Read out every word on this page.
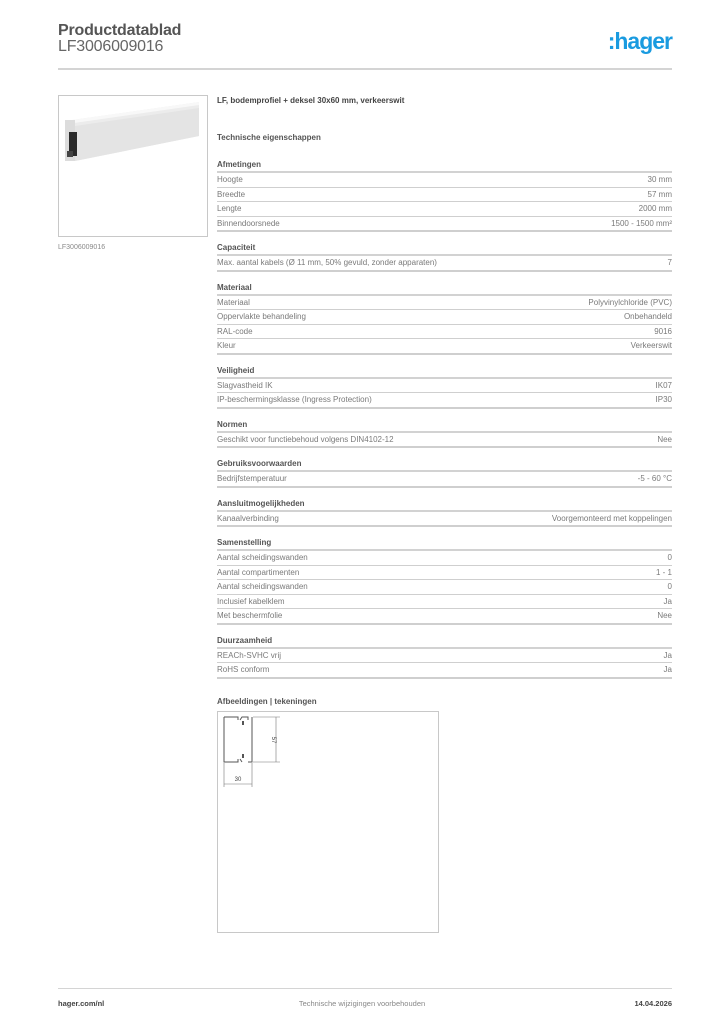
Productdatablad
LF3006009016	:hager
LF3006009016
LF, bodemprofiel + deksel 30x60 mm, verkeerswit
Technische eigenschappen
Afmetingen
Hoogte	30 mm
Breedte	57 mm
Lengte	2000 mm
Binnendoorsnede	1500 - 1500 mm²
Capaciteit
Max. aantal kabels (Ø 11 mm, 50% gevuld, zonder apparaten)	7
Materiaal
Materiaal	Polyvinylchloride (PVC)
Oppervlakte behandeling	Onbehandeld
RAL-code	9016
Kleur	Verkeerswit
Veiligheid
Slagvastheid IK	IK07
IP-beschermingsklasse (Ingress Protection)	IP30
Normen
Geschikt voor functiebehoud volgens DIN4102-12	Nee
Gebruiksvoorwaarden
Bedrijfstemperatuur	-5 - 60 °C
Aansluitmogelijkheden
Kanaalverbinding	Voorgemonteerd met koppelingen
Samenstelling
Aantal scheidingswanden	0
Aantal compartimenten	1 - 1
Aantal scheidingswanden	0
Inclusief kabelklem	Ja
Met beschermfolie	Nee
Duurzaamheid
REACh-SVHC vrij	Ja
RoHS conform	Ja
Afbeeldingen | tekeningen
57
30
hager.com/nl	Technische wijzigingen voorbehouden	14.04.2026
